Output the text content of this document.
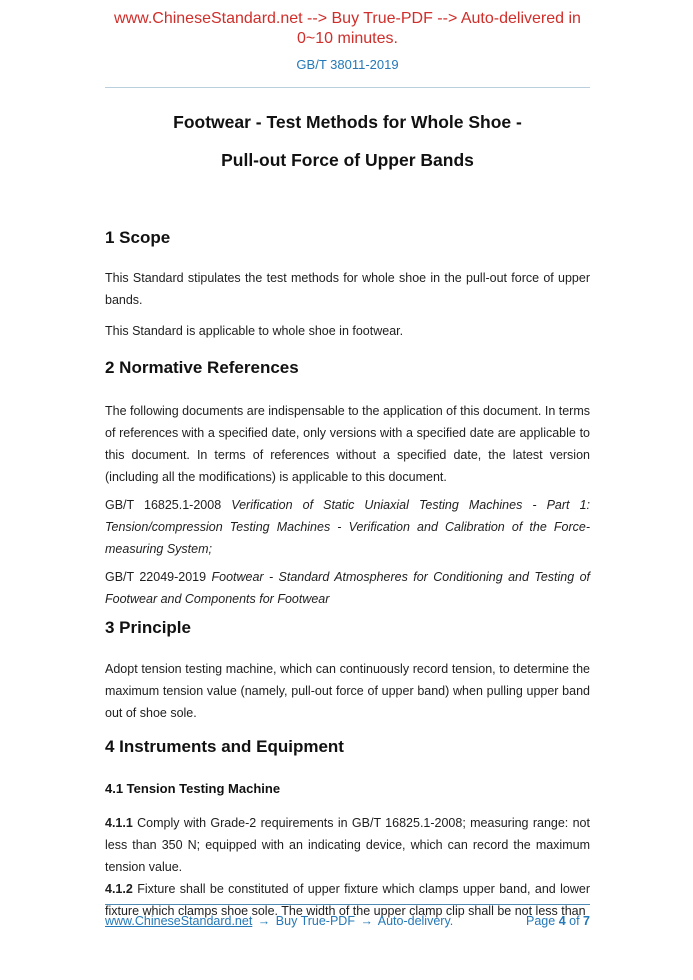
www.ChineseStandard.net --> Buy True-PDF --> Auto-delivered in 0~10 minutes.
GB/T 38011-2019
Footwear - Test Methods for Whole Shoe -
Pull-out Force of Upper Bands
1 Scope

This Standard stipulates the test methods for whole shoe in the pull-out force of upper bands.

This Standard is applicable to whole shoe in footwear.

2 Normative References

The following documents are indispensable to the application of this document. In terms of references with a specified date, only versions with a specified date are applicable to this document. In terms of references without a specified date, the latest version (including all the modifications) is applicable to this document.

GB/T 16825.1-2008 Verification of Static Uniaxial Testing Machines - Part 1: Tension/compression Testing Machines - Verification and Calibration of the Force-measuring System;

GB/T 22049-2019 Footwear - Standard Atmospheres for Conditioning and Testing of Footwear and Components for Footwear

3 Principle

Adopt tension testing machine, which can continuously record tension, to determine the maximum tension value (namely, pull-out force of upper band) when pulling upper band out of shoe sole.

4 Instruments and Equipment
4.1 Tension Testing Machine

4.1.1 Comply with Grade-2 requirements in GB/T 16825.1-2008; measuring range: not less than 350 N; equipped with an indicating device, which can record the maximum tension value.

4.1.2 Fixture shall be constituted of upper fixture which clamps upper band, and lower fixture which clamps shoe sole. The width of the upper clamp clip shall be not less than

www.ChineseStandard.net → Buy True-PDF → Auto-delivery.	Page 4 of 7
